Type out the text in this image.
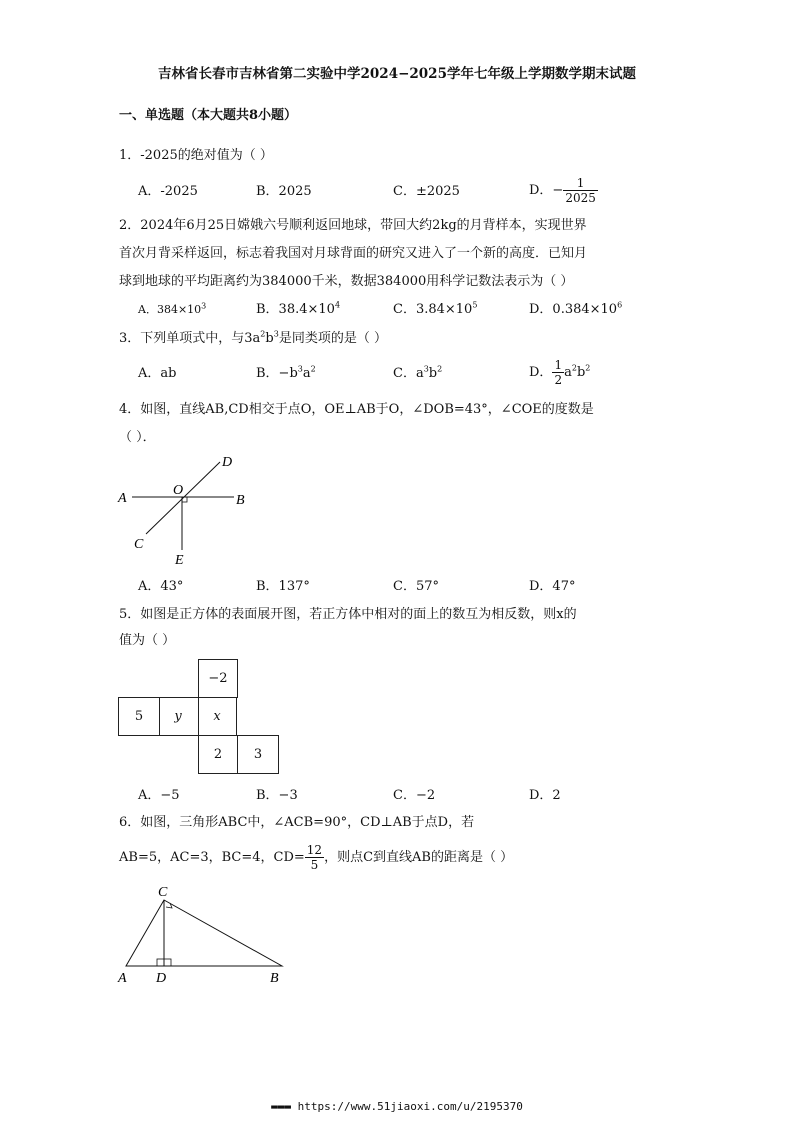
吉林省长春市吉林省第二实验中学2024−2025学年七年级上学期数学期末试题
一、单选题（本大题共8小题）
1．-2025的绝对值为（ ）
A．-2025	B．2025	C．±2025	D．− $\frac{1}{2025}$
2．2024年6月25日嫦娥六号顺利返回地球，带回大约2kg的月背样本，实现世界
首次月背采样返回，标志着我国对月球背面的研究又进入了一个新的高度．已知月
球到地球的平均距离约为384000千米，数据384000用科学记数法表示为（ ）
A．$384\times 10^3$	B．$38.4\times 10^4$	C．$3.84\times 10^5$	D．$0.384\times 10^6$
3．下列单项式中，与$3a^2b^3$是同类项的是（ ）
A．ab	B．$-b^3a^2$	C．$a^3b^2$	D． $\frac{1}{2} a^2b^2$
4．如图，直线AB,CD相交于点O，OE⊥AB于O，∠DOB=43°，∠COE的度数是
（ ）．
A	B
C
D
O
E
A．43°	B．137°	C．57°	D．47°
5．如图是正方体的表面展开图，若正方体中相对的面上的数互为相反数，则x的
值为（ ）
−2
5	y	x
2	3
A．−5	B．−3	C．−2	D．2
6．如图，三角形ABC中，∠ACB=90°，CD⊥AB于点D，若
AB=5，AC=3，BC=4，$CD= \frac{12}{5}$ ，则点C到直线AB的距离是（ ）
C
A D	B
▬▬▬ https://www.51jiaoxi.com/u/2195370
